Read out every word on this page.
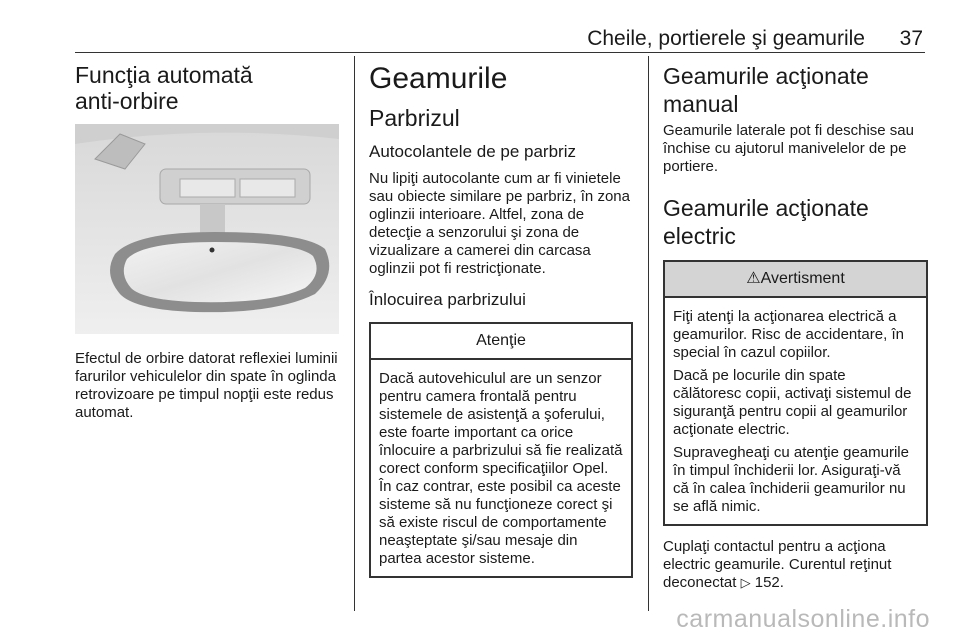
Cheile, portierele şi geamurile 37
Funcţia automată
anti-orbire

Efectul de orbire datorat reflexiei luminii farurilor vehiculelor din spate în oglinda retrovizoare pe timpul nopţii este redus automat.

Geamurile
Parbrizul
Autocolantele de pe parbriz

Nu lipiţi autocolante cum ar fi vinietele sau obiecte similare pe parbriz, în zona oglinzii interioare. Altfel, zona de detecţie a senzorului şi zona de vizualizare a camerei din carcasa oglinzii pot fi restricţionate.

Înlocuirea parbrizului
Atenţie

Dacă autovehiculul are un senzor pentru camera frontală pentru sistemele de asistenţă a şoferului, este foarte important ca orice înlocuire a parbrizului să fie realizată corect conform specificaţiilor Opel. În caz contrar, este posibil ca aceste sisteme să nu funcţioneze corect şi să existe riscul de comportamente neaşteptate şi/sau mesaje din partea acestor sisteme.

Geamurile acţionate
manual

Geamurile laterale pot fi deschise sau închise cu ajutorul manivelelor de pe portiere.

Geamurile acţionate electric
⚠Avertisment

Fiţi atenţi la acţionarea electrică a geamurilor. Risc de accidentare, în special în cazul copiilor.

Dacă pe locurile din spate călătoresc copii, activaţi sistemul de siguranţă pentru copii al geamurilor acţionate electric.

Supravegheaţi cu atenţie geamurile în timpul închiderii lor. Asiguraţi-vă că în calea închiderii geamurilor nu se află nimic.

Cuplaţi contactul pentru a acţiona electric geamurile. Curentul reţinut deconectat ▷ 152.

carmanualsonline.info
